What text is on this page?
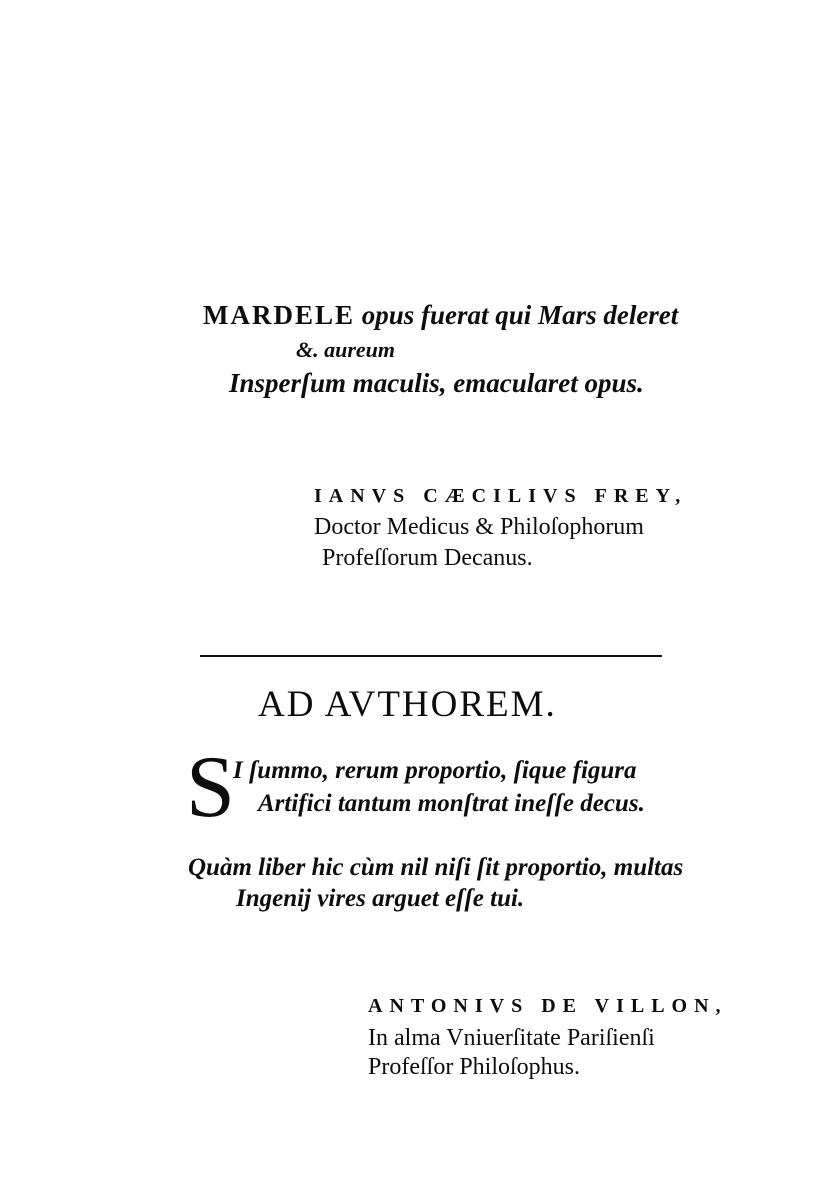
MARDELE opus fuerat qui Mars deleret
&. aureum
Insperſum maculis, emacularet opus.
IANVS CÆCILIVS FREY,
Doctor Medicus & Philoſophorum
Profeſſorum Decanus.
AD AVTHOREM.
S
I ſummo, rerum proportio, ſique figura
Artifici tantum monſtrat ineſſe decus.
Quàm liber hic cùm nil niſi ſit proportio, multas
Ingenij vires arguet eſſe tui.
ANTONIVS DE VILLON,
In alma Vniuerſitate Pariſienſi
Profeſſor Philoſophus.
